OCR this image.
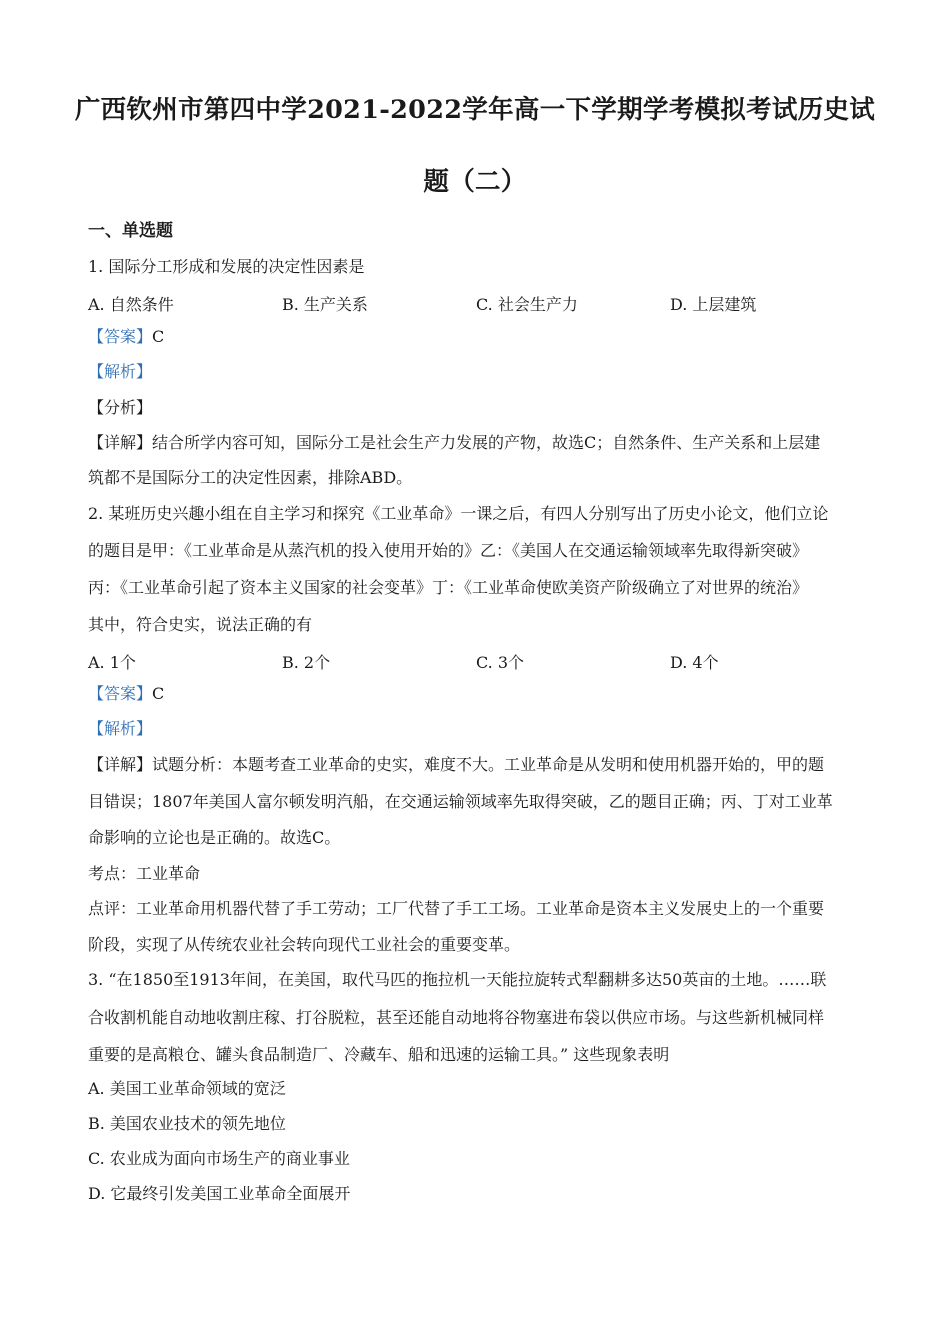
广西钦州市第四中学2021-2022学年高一下学期学考模拟考试历史试
题（二）
一、单选题
1. 国际分工形成和发展的决定性因素是
A. 自然条件	B. 生产关系	C. 社会生产力	D. 上层建筑
【答案】C
【解析】
【分析】
【详解】结合所学内容可知，国际分工是社会生产力发展的产物，故选C；自然条件、生产关系和上层建
筑都不是国际分工的决定性因素，排除ABD。
2. 某班历史兴趣小组在自主学习和探究《工业革命》一课之后，有四人分别写出了历史小论文，他们立论
的题目是甲：《工业革命是从蒸汽机的投入使用开始的》乙：《美国人在交通运输领域率先取得新突破》
丙：《工业革命引起了资本主义国家的社会变革》丁：《工业革命使欧美资产阶级确立了对世界的统治》
其中，符合史实，说法正确的有
A. 1个	B. 2个	C. 3个	D. 4个
【答案】C
【解析】
【详解】试题分析：本题考查工业革命的史实，难度不大。工业革命是从发明和使用机器开始的，甲的题
目错误；1807年美国人富尔顿发明汽船，在交通运输领域率先取得突破，乙的题目正确；丙、丁对工业革
命影响的立论也是正确的。故选C。
考点：工业革命
点评：工业革命用机器代替了手工劳动；工厂代替了手工工场。工业革命是资本主义发展史上的一个重要
阶段，实现了从传统农业社会转向现代工业社会的重要变革。
3. “在1850至1913年间，在美国，取代马匹的拖拉机一天能拉旋转式犁翻耕多达50英亩的土地。……联
合收割机能自动地收割庄稼、打谷脱粒，甚至还能自动地将谷物塞进布袋以供应市场。与这些新机械同样
重要的是高粮仓、罐头食品制造厂、冷藏车、船和迅速的运输工具。” 这些现象表明
A. 美国工业革命领域的宽泛
B. 美国农业技术的领先地位
C. 农业成为面向市场生产的商业事业
D. 它最终引发美国工业革命全面展开
